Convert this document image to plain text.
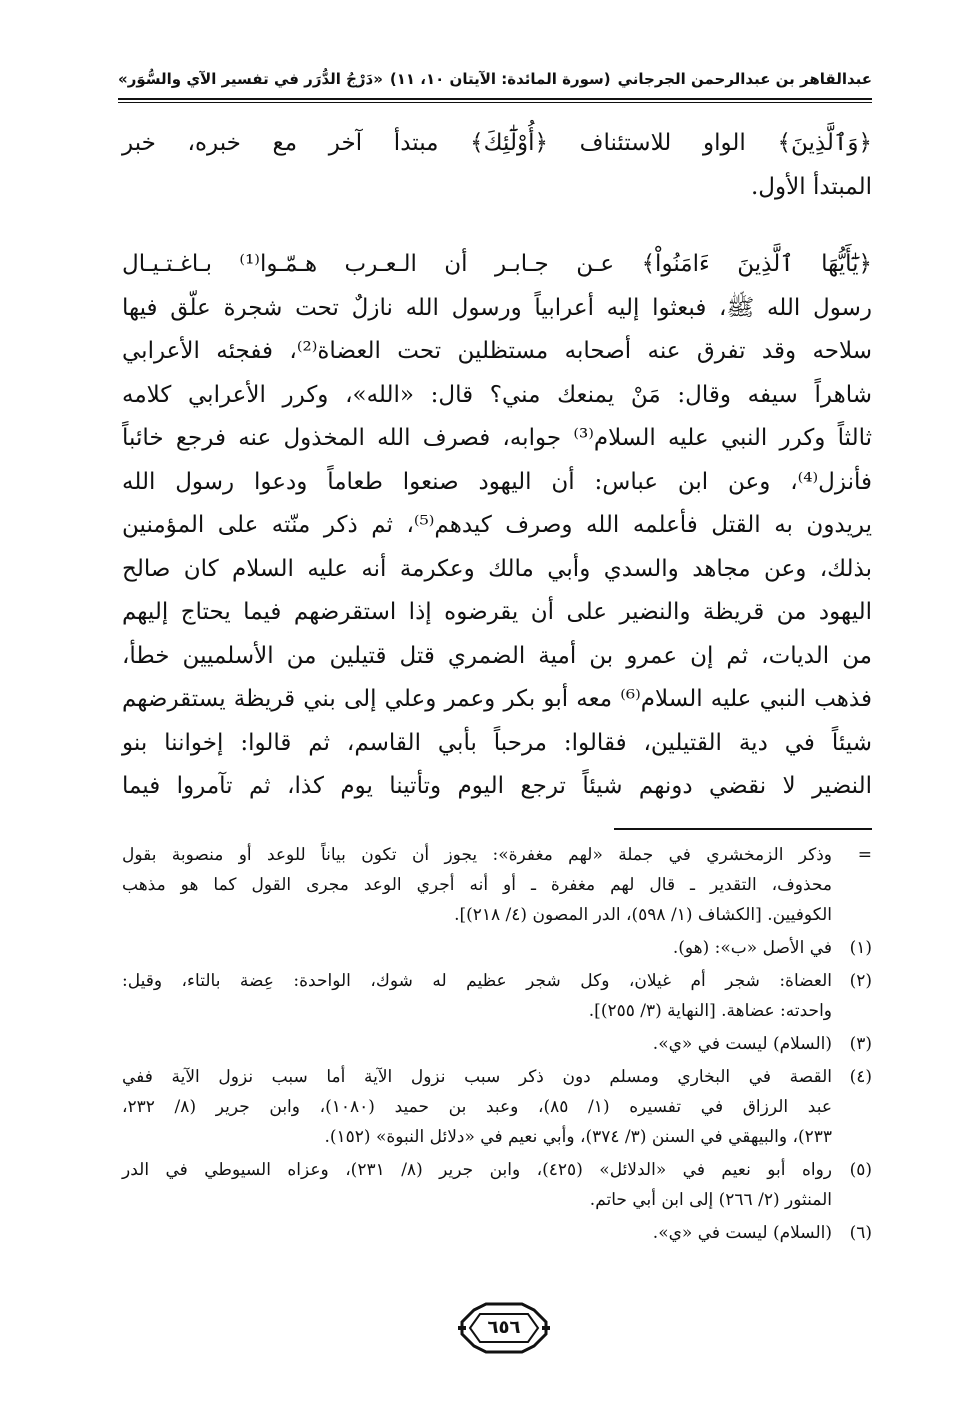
عبدالقاهر بن عبدالرحمن الجرجاني
(سورة المائدة: الآيتان ١٠، ١١)
«دَرْجُ الدُّرَر في تفسير الآي والسُّوَر»

﴿وَٱلَّذِينَ﴾ الواو للاستئناف ﴿أُوْلَٰٓئِكَ﴾ مبتدأ آخر مع خبره، خبر
المبتدأ الأول.

﴿يَٰٓأَيُّهَا ٱلَّذِينَ ءَامَنُواْ﴾ عـن جـابـر أن الـعـرب هـمّـوا⁽¹⁾ بـاغـتـيـال
رسول الله ﷺ، فبعثوا إليه أعرابياً ورسول الله نازلٌ تحت شجرة علّق فيها
سلاحه وقد تفرق عنه أصحابه مستظلين تحت العضاة⁽²⁾، ففجئه الأعرابي
شاهراً سيفه وقال: مَنْ يمنعك مني؟ قال: «الله»، وكرر الأعرابي كلامه
ثالثاً وكرر النبي عليه السلام⁽³⁾ جوابه، فصرف الله المخذول عنه فرجع خائباً
فأنزل⁽⁴⁾، وعن ابن عباس: أن اليهود صنعوا طعاماً ودعوا رسول الله
يريدون به القتل فأعلمه الله وصرف كيدهم⁽⁵⁾، ثم ذكر منّته على المؤمنين
بذلك، وعن مجاهد والسدي وأبي مالك وعكرمة أنه عليه السلام كان صالح
اليهود من قريظة والنضير على أن يقرضوه إذا استقرضهم فيما يحتاج إليهم
من الديات، ثم إن عمرو بن أمية الضمري قتل قتيلين من الأسلميين خطأ،
فذهب النبي عليه السلام⁽⁶⁾ معه أبو بكر وعمر وعلي إلى بني قريظة يستقرضهم
شيئاً في دية القتيلين، فقالوا: مرحباً بأبي القاسم، ثم قالوا: إخواننا بنو
النضير لا نقضي دونهم شيئاً ترجع اليوم وتأتينا يوم كذا، ثم تآمروا فيما

=
وذكر الزمخشري في جملة «لهم مغفرة»: يجوز أن تكون بياناً للوعد أو منصوبة بقول
محذوف، التقدير ـ قال لهم مغفرة ـ أو أنه أجري الوعد مجرى القول كما هو مذهب
الكوفيين. [الكشاف (١/ ٥٩٨)، الدر المصون (٤/ ٢١٨)].
(١)
في الأصل «ب»: (هو).
(٢)
العضاة: شجر أم غيلان، وكل شجر عظيم له شوك، الواحدة: عِضة بالتاء، وقيل:
واحدته: عضاهة. [النهاية (٣/ ٢٥٥)].
(٣)
(السلام) ليست في «ي».
(٤)
القصة في البخاري ومسلم دون ذكر سبب نزول الآية أما سبب نزول الآية ففي
عبد الرزاق في تفسيره (١/ ٨٥)، وعبد بن حميد (١٠٨٠)، وابن جرير (٨/ ٢٣٢،
٢٣٣)، والبيهقي في السنن (٣/ ٣٧٤)، وأبي نعيم في «دلائل النبوة» (١٥٢).
(٥)
رواه أبو نعيم في «الدلائل» (٤٢٥)، وابن جرير (٨/ ٢٣١)، وعزاه السيوطي في الدر
المنثور (٢/ ٢٦٦) إلى ابن أبي حاتم.
(٦)
(السلام) ليست في «ي».
٦٥٦
